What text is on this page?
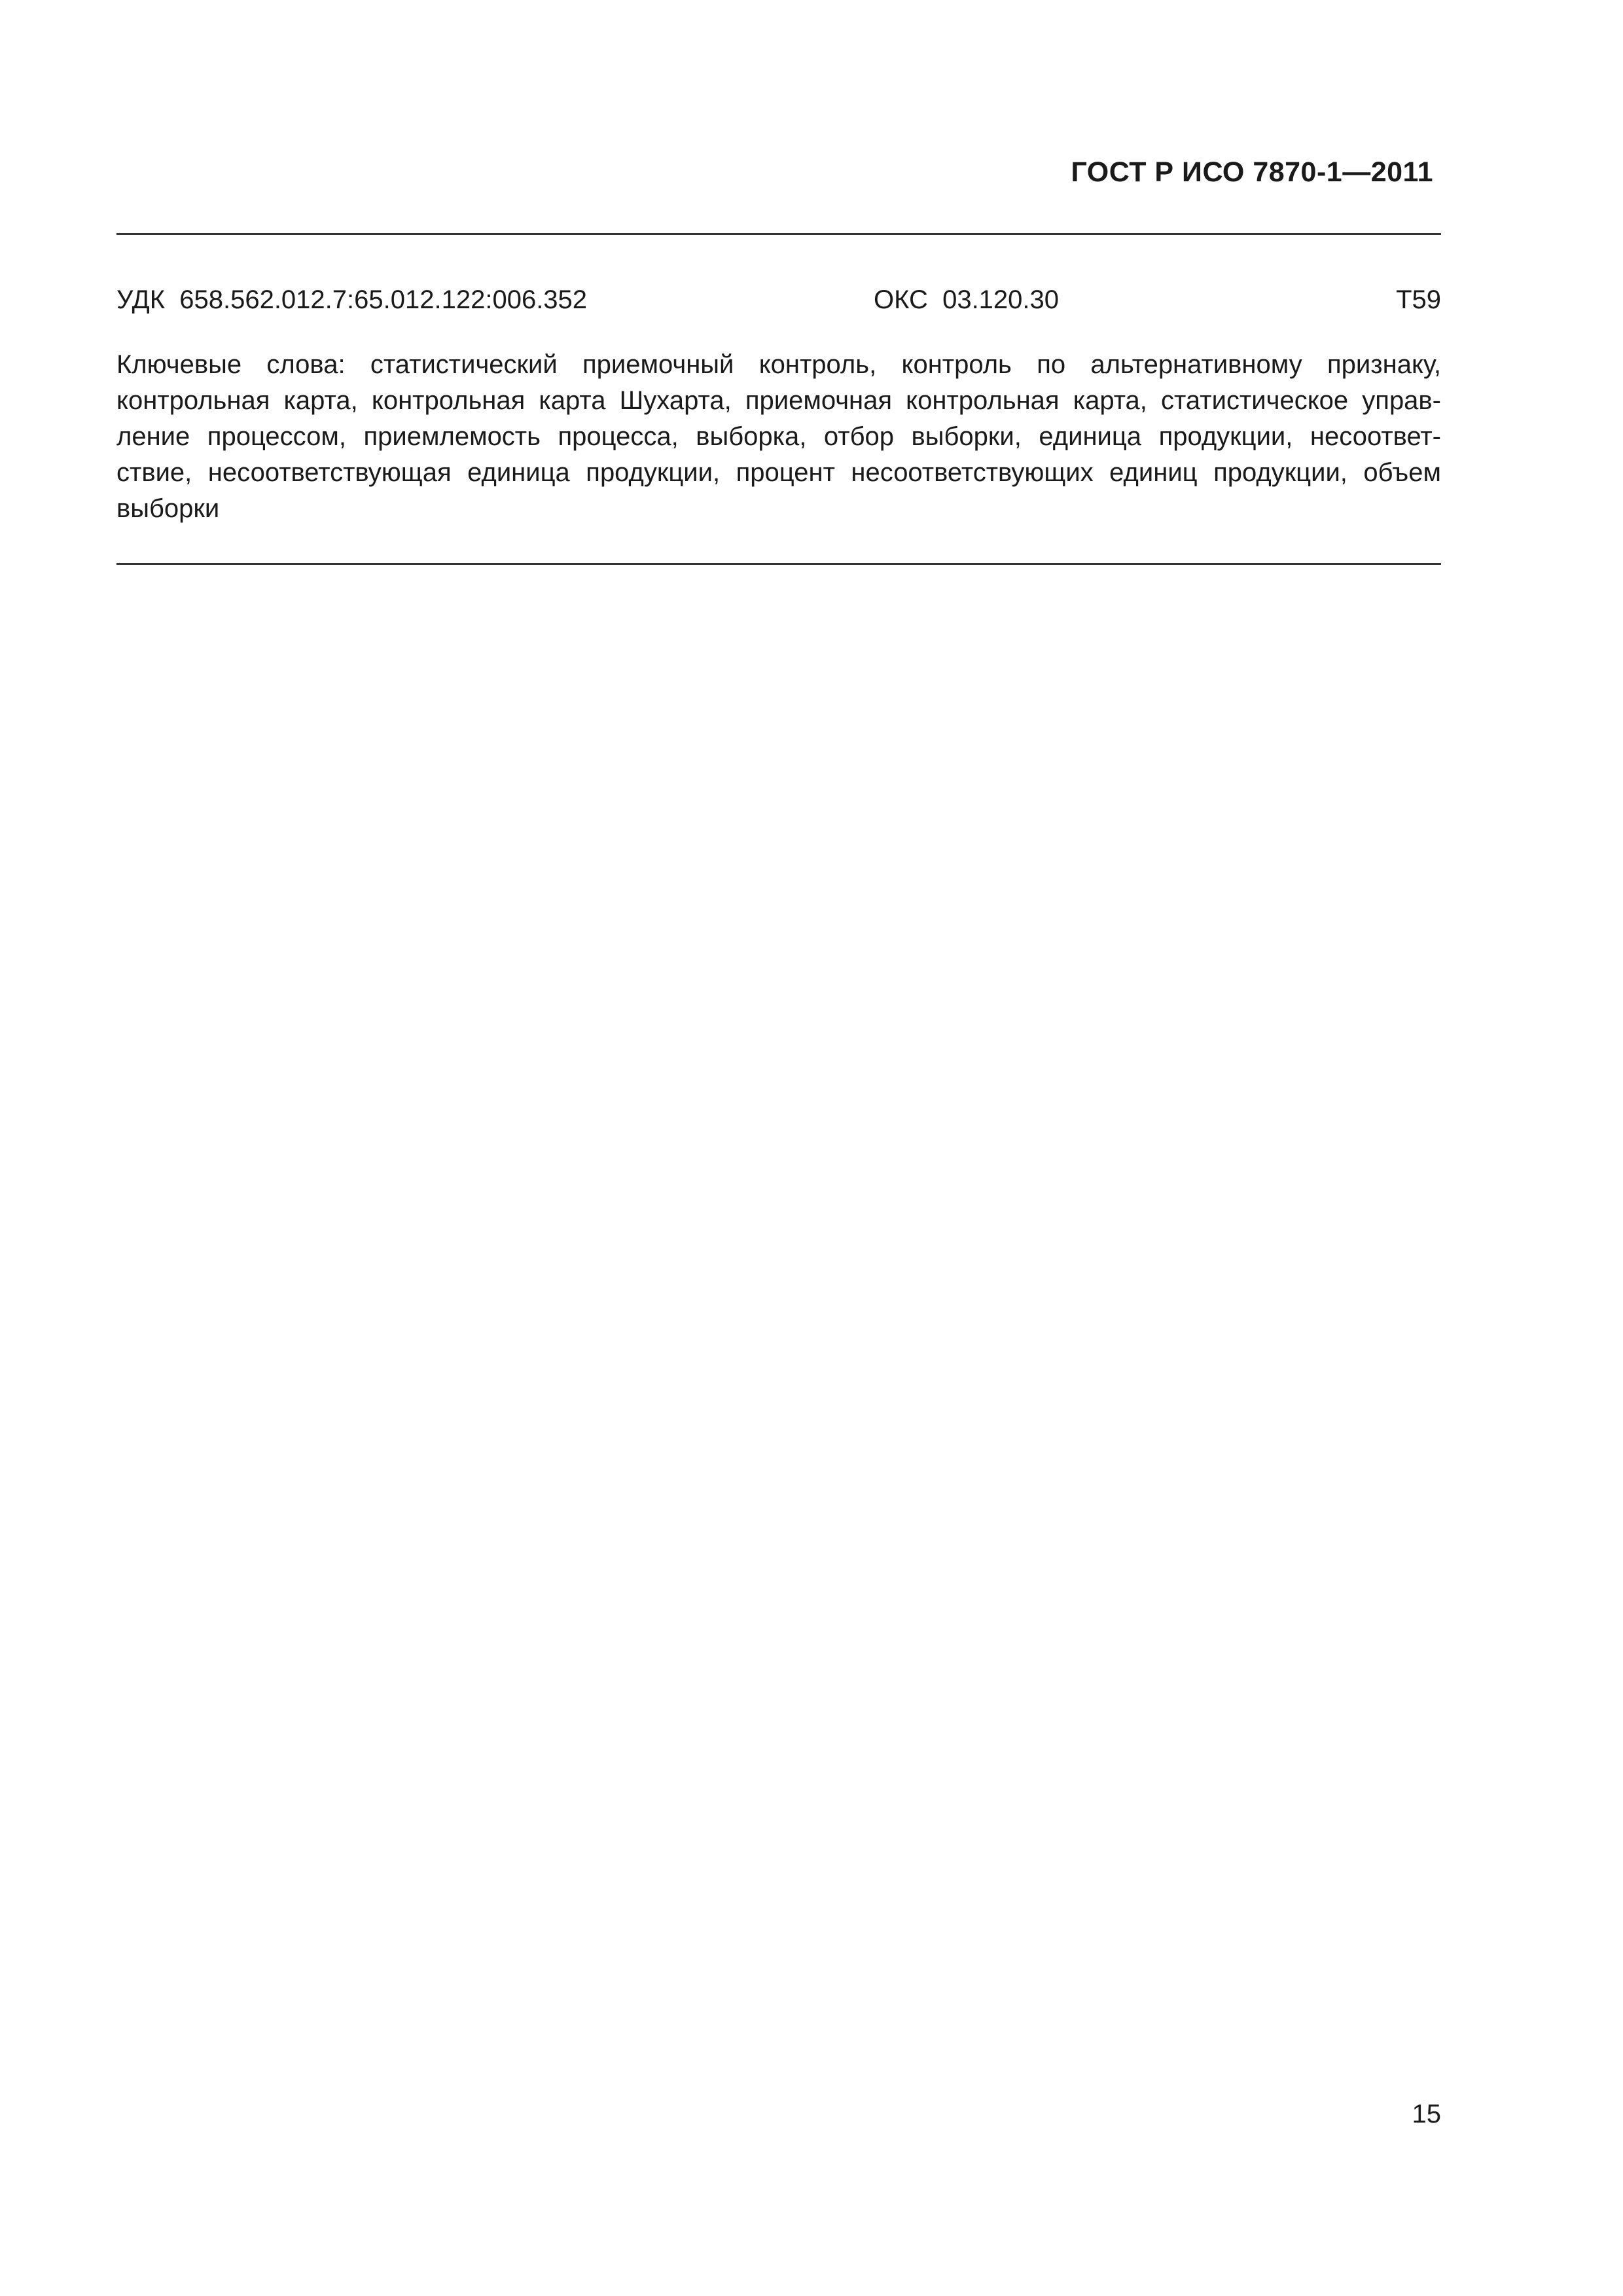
ГОСТ Р ИСО 7870-1—2011
УДК  658.562.012.7:65.012.122:006.352	ОКС  03.120.30	Т59
Ключевые слова: статистический приемочный контроль, контроль по альтернативному признаку,
контрольная карта, контрольная карта Шухарта, приемочная контрольная карта, статистическое управ-
ление процессом, приемлемость процесса, выборка, отбор выборки, единица продукции, несоответ-
ствие, несоответствующая единица продукции, процент несоответствующих единиц продукции, объем
выборки
15
